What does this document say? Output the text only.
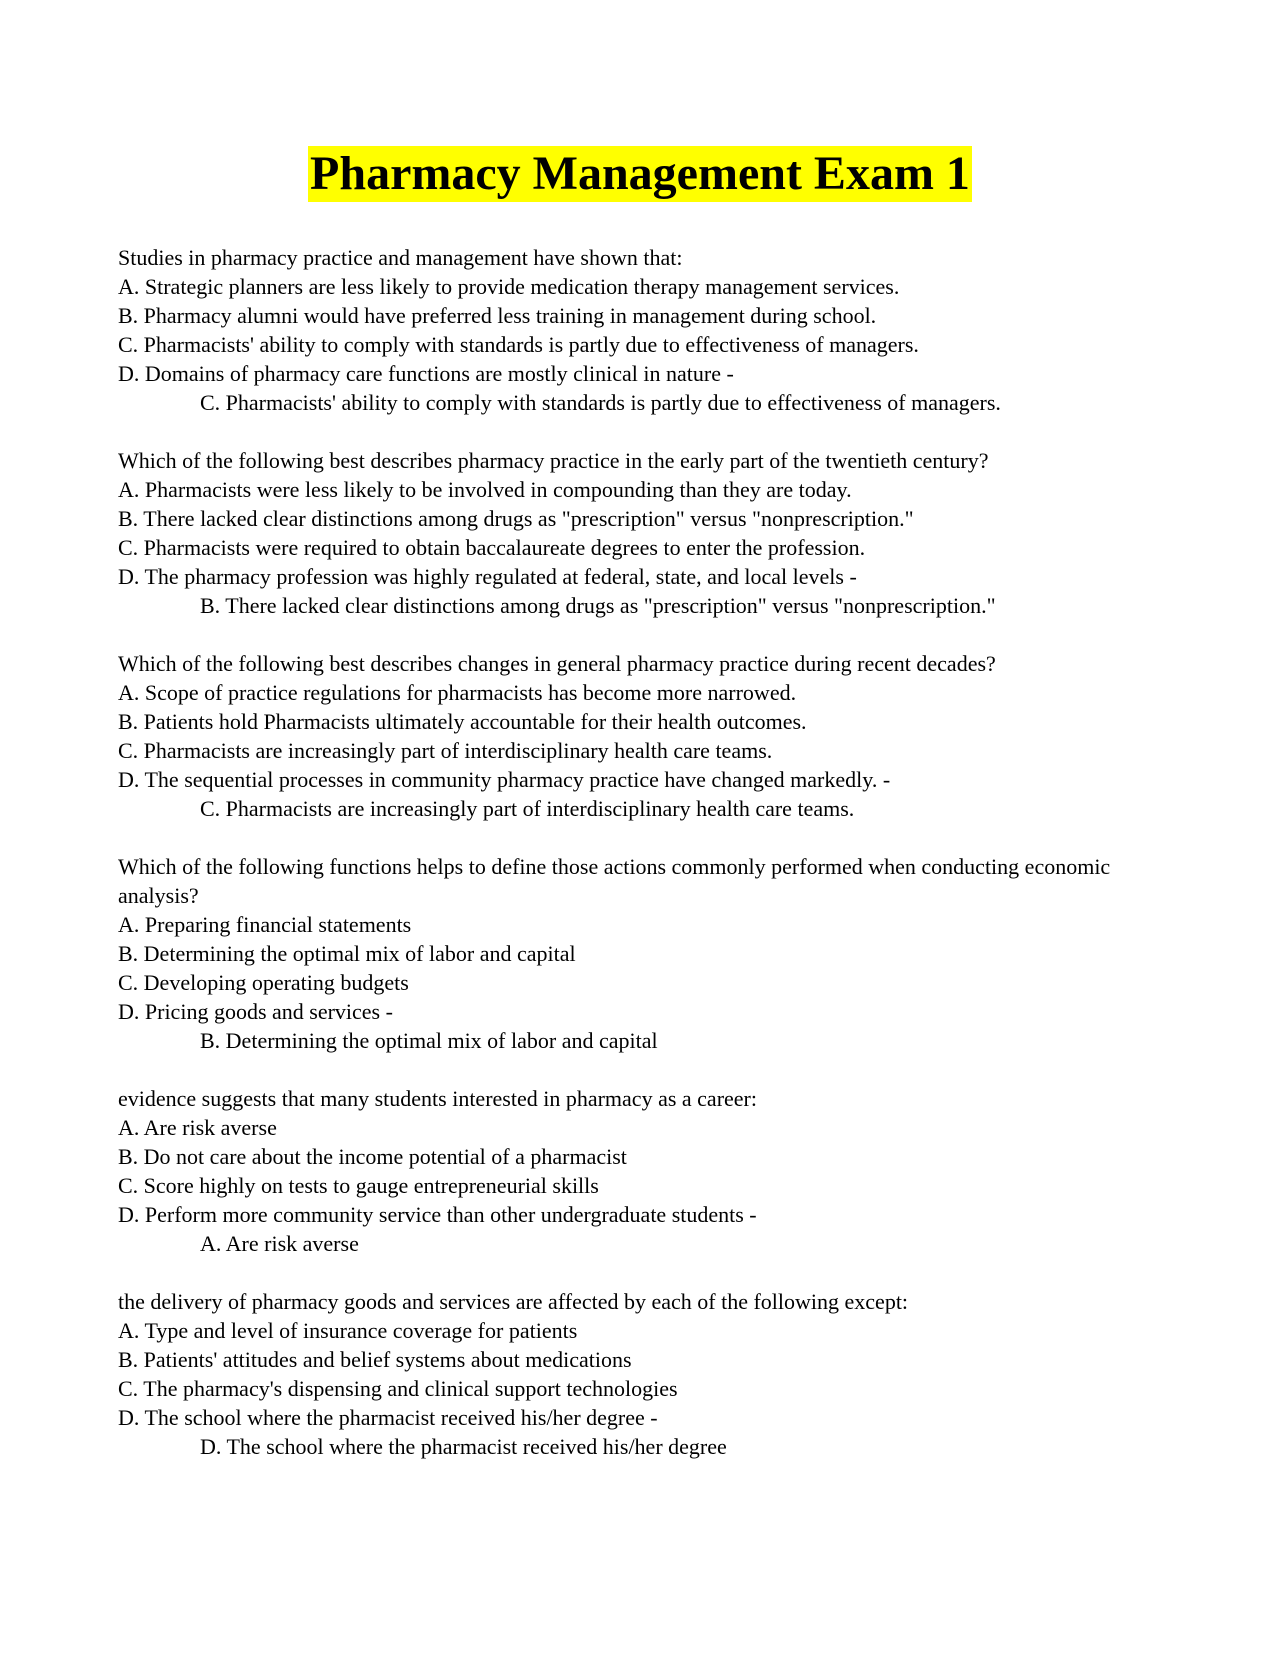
Pharmacy Management Exam 1
Studies in pharmacy practice and management have shown that:
A. Strategic planners are less likely to provide medication therapy management services.
B. Pharmacy alumni would have preferred less training in management during school.
C. Pharmacists' ability to comply with standards is partly due to effectiveness of managers.
D. Domains of pharmacy care functions are mostly clinical in nature -
C. Pharmacists' ability to comply with standards is partly due to effectiveness of managers.
Which of the following best describes pharmacy practice in the early part of the twentieth century?
A. Pharmacists were less likely to be involved in compounding than they are today.
B. There lacked clear distinctions among drugs as "prescription" versus "nonprescription."
C. Pharmacists were required to obtain baccalaureate degrees to enter the profession.
D. The pharmacy profession was highly regulated at federal, state, and local levels -
B. There lacked clear distinctions among drugs as "prescription" versus "nonprescription."
Which of the following best describes changes in general pharmacy practice during recent decades?
A. Scope of practice regulations for pharmacists has become more narrowed.
B. Patients hold Pharmacists ultimately accountable for their health outcomes.
C. Pharmacists are increasingly part of interdisciplinary health care teams.
D. The sequential processes in community pharmacy practice have changed markedly. -
C. Pharmacists are increasingly part of interdisciplinary health care teams.
Which of the following functions helps to define those actions commonly performed when conducting economic analysis?
A. Preparing financial statements
B. Determining the optimal mix of labor and capital
C. Developing operating budgets
D. Pricing goods and services -
B. Determining the optimal mix of labor and capital
evidence suggests that many students interested in pharmacy as a career:
A. Are risk averse
B. Do not care about the income potential of a pharmacist
C. Score highly on tests to gauge entrepreneurial skills
D. Perform more community service than other undergraduate students -
A. Are risk averse
the delivery of pharmacy goods and services are affected by each of the following except:
A. Type and level of insurance coverage for patients
B. Patients' attitudes and belief systems about medications
C. The pharmacy's dispensing and clinical support technologies
D. The school where the pharmacist received his/her degree -
D. The school where the pharmacist received his/her degree
